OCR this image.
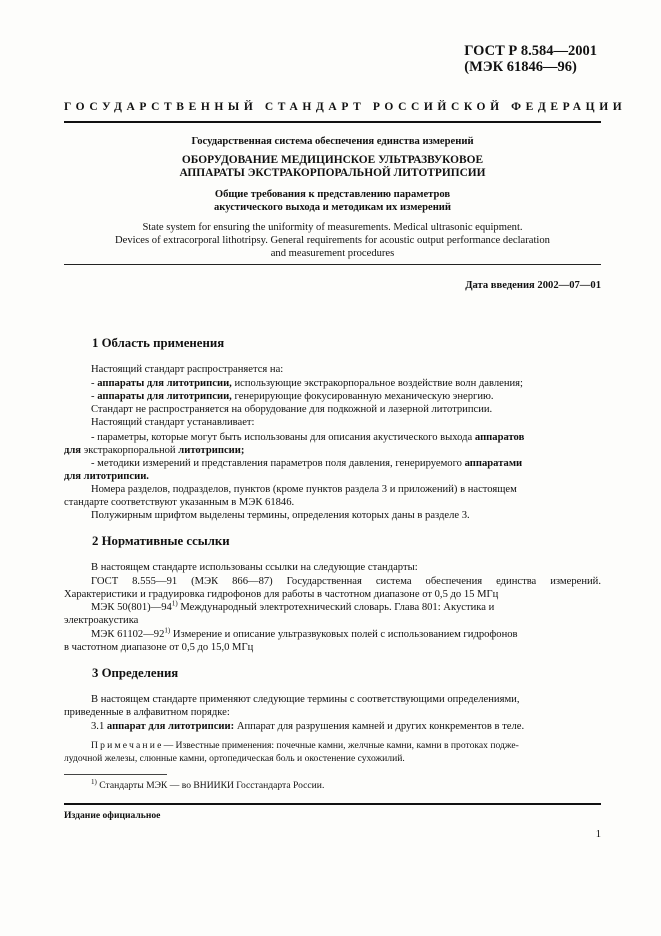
ГОСТ Р 8.584—2001
(МЭК 61846—96)
ГОСУДАРСТВЕННЫЙ СТАНДАРТ РОССИЙСКОЙ ФЕДЕРАЦИИ
Государственная система обеспечения единства измерений
ОБОРУДОВАНИЕ МЕДИЦИНСКОЕ УЛЬТРАЗВУКОВОЕ
АППАРАТЫ ЭКСТРАКОРПОРАЛЬНОЙ ЛИТОТРИПСИИ
Общие требования к представлению параметров
акустического выхода и методикам их измерений
State system for ensuring the uniformity of measurements. Medical ultrasonic equipment.
Devices of extracorporal lithotripsy. General requirements for acoustic output performance declaration
and measurement procedures
Дата введения 2002—07—01
1 Область применения
Настоящий стандарт распространяется на:
- аппараты для литотрипсии, использующие экстракорпоральное воздействие волн давления;
- аппараты для литотрипсии, генерирующие фокусированную механическую энергию.
Стандарт не распространяется на оборудование для подкожной и лазерной литотрипсии.
Настоящий стандарт устанавливает:
- параметры, которые могут быть использованы для описания акустического выхода аппаратов
для экстракорпоральной литотрипсии;
- методики измерений и представления параметров поля давления, генерируемого аппаратами
для литотрипсии.
Номера разделов, подразделов, пунктов (кроме пунктов раздела 3 и приложений) в настоящем
стандарте соответствуют указанным в МЭК 61846.
Полужирным шрифтом выделены термины, определения которых даны в разделе 3.
2 Нормативные ссылки
В настоящем стандарте использованы ссылки на следующие стандарты:
ГОСТ 8.555—91 (МЭК 866—87) Государственная система обеспечения единства измерений.
Характеристики и градуировка гидрофонов для работы в частотном диапазоне от 0,5 до 15 МГц
МЭК 50(801)—94$^{1)}$ Международный электротехнический словарь. Глава 801: Акустика и
электроакустика
МЭК 61102—92$^{1)}$ Измерение и описание ультразвуковых полей с использованием гидрофонов
в частотном диапазоне от 0,5 до 15,0 МГц
3 Определения
В настоящем стандарте применяют следующие термины с соответствующими определениями,
приведенные в алфавитном порядке:
3.1 аппарат для литотрипсии: Аппарат для разрушения камней и других конкрементов в теле.
Примечание— Известные применения: почечные камни, желчные камни, камни в протоках подже-
лудочной железы, слюнные камни, ортопедическая боль и окостенение сухожилий.
$^{1)}$ Стандарты МЭК — во ВНИИКИ Госстандарта России.
Издание официальное
1
